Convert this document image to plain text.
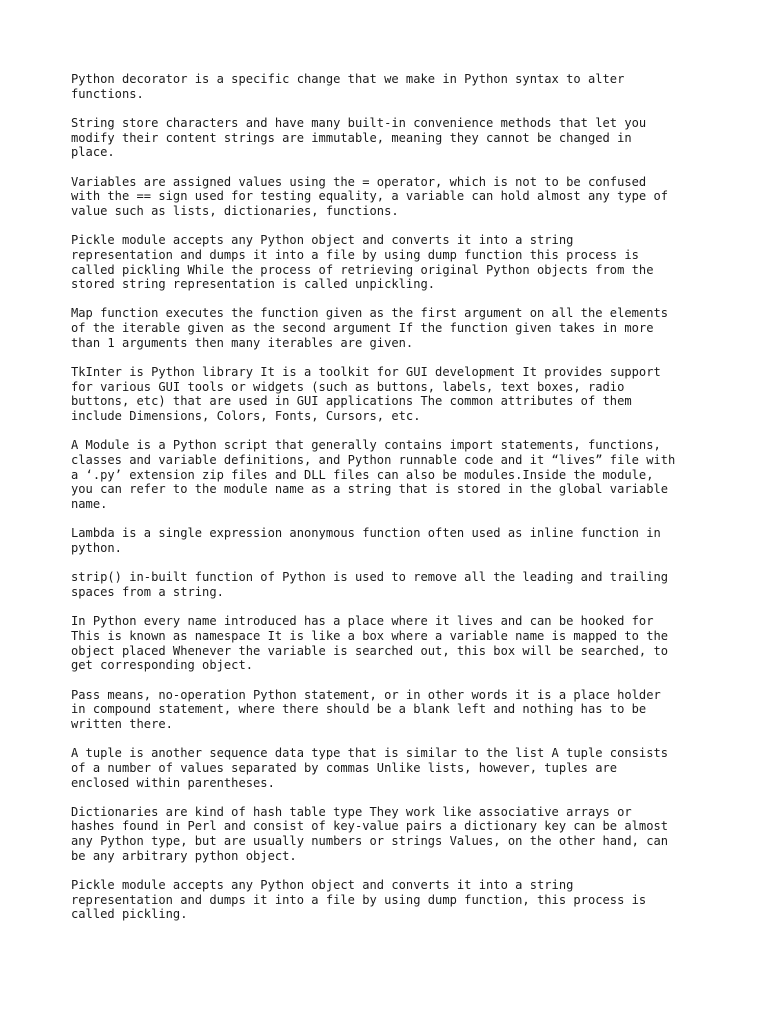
Python decorator is a specific change that we make in Python syntax to alter
functions.

String store characters and have many built-in convenience methods that let you
modify their content strings are immutable, meaning they cannot be changed in
place.

Variables are assigned values using the = operator, which is not to be confused
with the == sign used for testing equality, a variable can hold almost any type of
value such as lists, dictionaries, functions.

Pickle module accepts any Python object and converts it into a string
representation and dumps it into a file by using dump function this process is
called pickling While the process of retrieving original Python objects from the
stored string representation is called unpickling.

Map function executes the function given as the first argument on all the elements
of the iterable given as the second argument If the function given takes in more
than 1 arguments then many iterables are given.

TkInter is Python library It is a toolkit for GUI development It provides support
for various GUI tools or widgets (such as buttons, labels, text boxes, radio
buttons, etc) that are used in GUI applications The common attributes of them
include Dimensions, Colors, Fonts, Cursors, etc.

A Module is a Python script that generally contains import statements, functions,
classes and variable definitions, and Python runnable code and it “lives” file with
a ‘.py’ extension zip files and DLL files can also be modules.Inside the module,
you can refer to the module name as a string that is stored in the global variable
name.

Lambda is a single expression anonymous function often used as inline function in
python.

strip() in-built function of Python is used to remove all the leading and trailing
spaces from a string.

In Python every name introduced has a place where it lives and can be hooked for
This is known as namespace It is like a box where a variable name is mapped to the
object placed Whenever the variable is searched out, this box will be searched, to
get corresponding object.

Pass means, no-operation Python statement, or in other words it is a place holder
in compound statement, where there should be a blank left and nothing has to be
written there.

A tuple is another sequence data type that is similar to the list A tuple consists
of a number of values separated by commas Unlike lists, however, tuples are
enclosed within parentheses.

Dictionaries are kind of hash table type They work like associative arrays or
hashes found in Perl and consist of key-value pairs a dictionary key can be almost
any Python type, but are usually numbers or strings Values, on the other hand, can
be any arbitrary python object.

Pickle module accepts any Python object and converts it into a string
representation and dumps it into a file by using dump function, this process is
called pickling.
